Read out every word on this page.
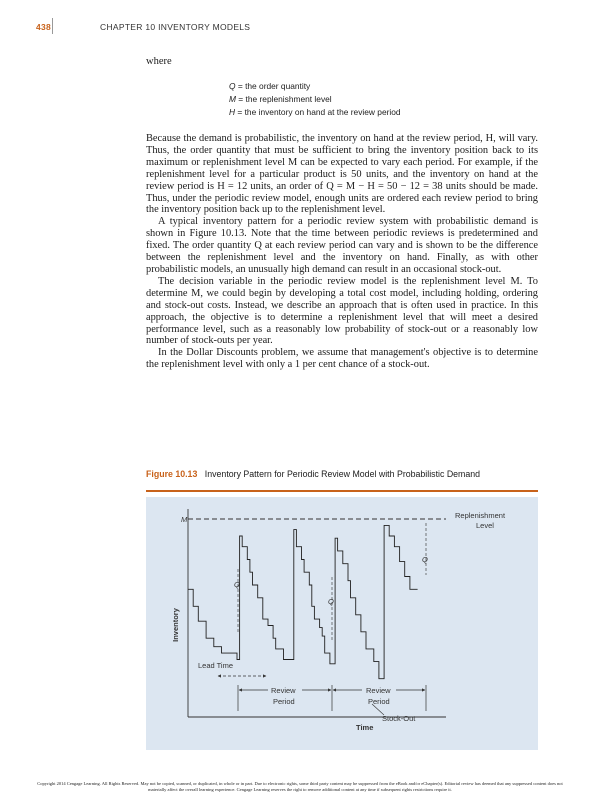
438	CHAPTER 10 INVENTORY MODELS
where
Q = the order quantity
M = the replenishment level
H = the inventory on hand at the review period

Because the demand is probabilistic, the inventory on hand at the review period, H, will vary. Thus, the order quantity that must be sufficient to bring the inventory position back to its maximum or replenishment level M can be expected to vary each period. For example, if the replenishment level for a particular product is 50 units, and the inventory on hand at the review period is H = 12 units, an order of Q = M − H = 50 − 12 = 38 units should be made. Thus, under the periodic review model, enough units are ordered each review period to bring the inventory position back up to the replenishment level.

A typical inventory pattern for a periodic review system with probabilistic demand is shown in Figure 10.13. Note that the time between periodic reviews is predetermined and fixed. The order quantity Q at each review period can vary and is shown to be the difference between the replenishment level and the inventory on hand. Finally, as with other probabilistic models, an unusually high demand can result in an occasional stock-out.

The decision variable in the periodic review model is the replenishment level M. To determine M, we could begin by developing a total cost model, including holding, ordering and stock-out costs. Instead, we describe an approach that is often used in practice. In this approach, the objective is to determine a replenishment level that will meet a desired performance level, such as a reasonably low probability of stock-out or a reasonably low number of stock-outs per year.

In the Dollar Discounts problem, we assume that management's objective is to determine the replenishment level with only a 1 per cent chance of a stock-out.

Figure 10.13 Inventory Pattern for Periodic Review Model with Probabilistic Demand
M	Replenishment
Level
Q
Q
Q
Lead Time
Review
Period
Review
Period
Stock-Out
Time
Inventory
Copyright 2014 Cengage Learning. All Rights Reserved. May not be copied, scanned, or duplicated, in whole or in part. Due to electronic rights, some third party content may be suppressed from the eBook and/or eChapter(s). Editorial review has deemed that any suppressed content does not materially affect the overall learning experience. Cengage Learning reserves the right to remove additional content at any time if subsequent rights restrictions require it.
